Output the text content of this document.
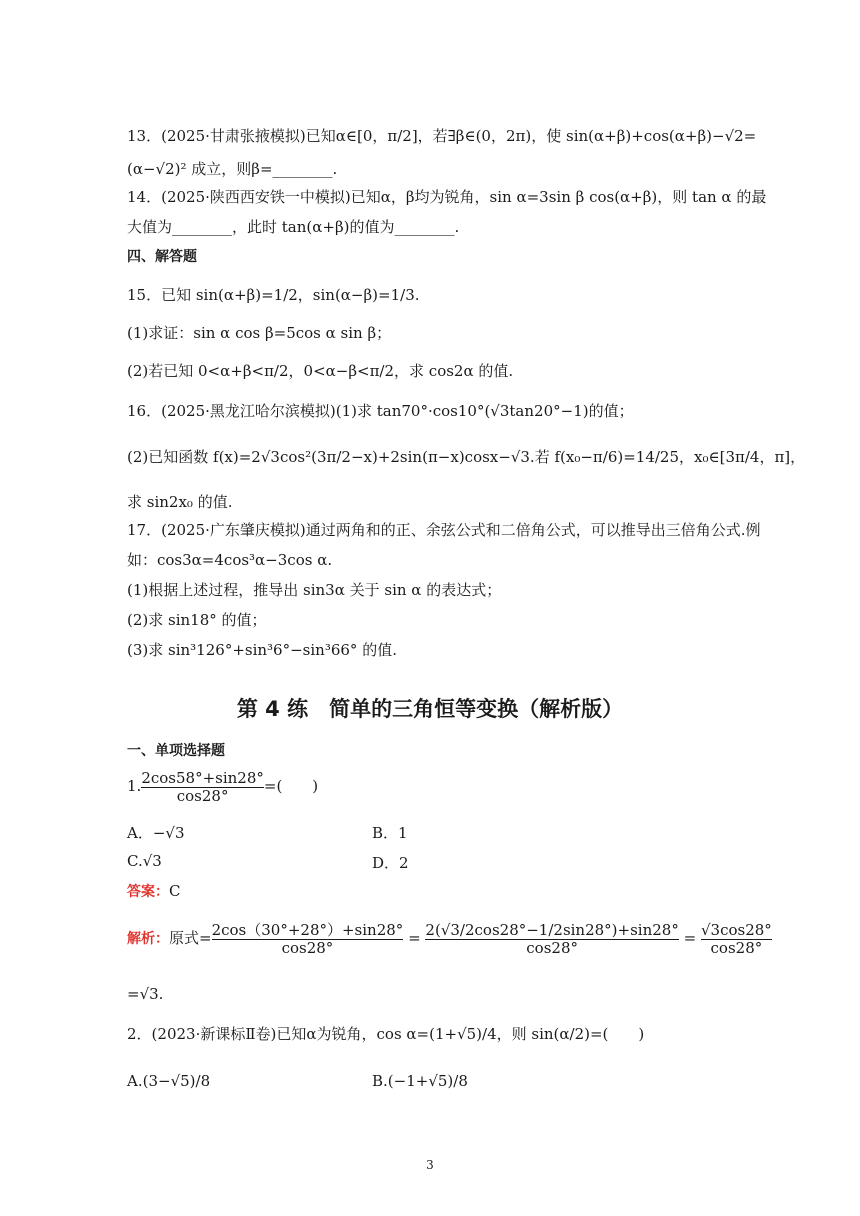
13．(2025·甘肃张掖模拟)已知α∈[0，π/2]，若∃β∈(0，2π)，使 sin(α+β)+cos(α+β)−√2=
(α−√2)² 成立，则β=________.
14．(2025·陕西西安铁一中模拟)已知α，β均为锐角，sin α=3sin β cos(α+β)，则 tan α 的最
大值为________，此时 tan(α+β)的值为________.
四、解答题
15．已知 sin(α+β)=1/2，sin(α−β)=1/3.
(1)求证：sin α cos β=5cos α sin β；
(2)若已知 0<α+β<π/2，0<α−β<π/2，求 cos2α 的值.
16．(2025·黑龙江哈尔滨模拟)(1)求 tan70°·cos10°(√3tan20°−1)的值；
(2)已知函数 f(x)=2√3cos²(3π/2−x)+2sin(π−x)cosx−√3.若 f(x₀−π/6)=14/25，x₀∈[3π/4，π]，
求 sin2x₀ 的值.
17．(2025·广东肇庆模拟)通过两角和的正、余弦公式和二倍角公式，可以推导出三倍角公式.例
如：cos3α=4cos³α−3cos α.
(1)根据上述过程，推导出 sin3α 关于 sin α 的表达式；
(2)求 sin18° 的值；
(3)求 sin³126°+sin³6°−sin³66° 的值.
第 4 练　简单的三角恒等变换（解析版）
一、单项选择题
1. $\frac{2\cos 58^\circ+\sin 28^\circ}{\cos 28^\circ}$ =(　　)
A．−√3	B．1
C.√3	D．2
答案：C
解析：原式= $\frac{2\cos(30^\circ+28^\circ)+\sin 28^\circ}{\cos 28^\circ} = \frac{2(√3/2\cos 28^\circ-1/2\sin 28^\circ)+\sin 28^\circ}{\cos 28^\circ} = \frac{√3\cos 28^\circ}{\cos 28^\circ}$
=√3.
2．(2023·新课标Ⅱ卷)已知α为锐角，cos α=(1+√5)/4，则 sin(α/2)=(　　)
A.(3−√5)/8	B.(−1+√5)/8
3
